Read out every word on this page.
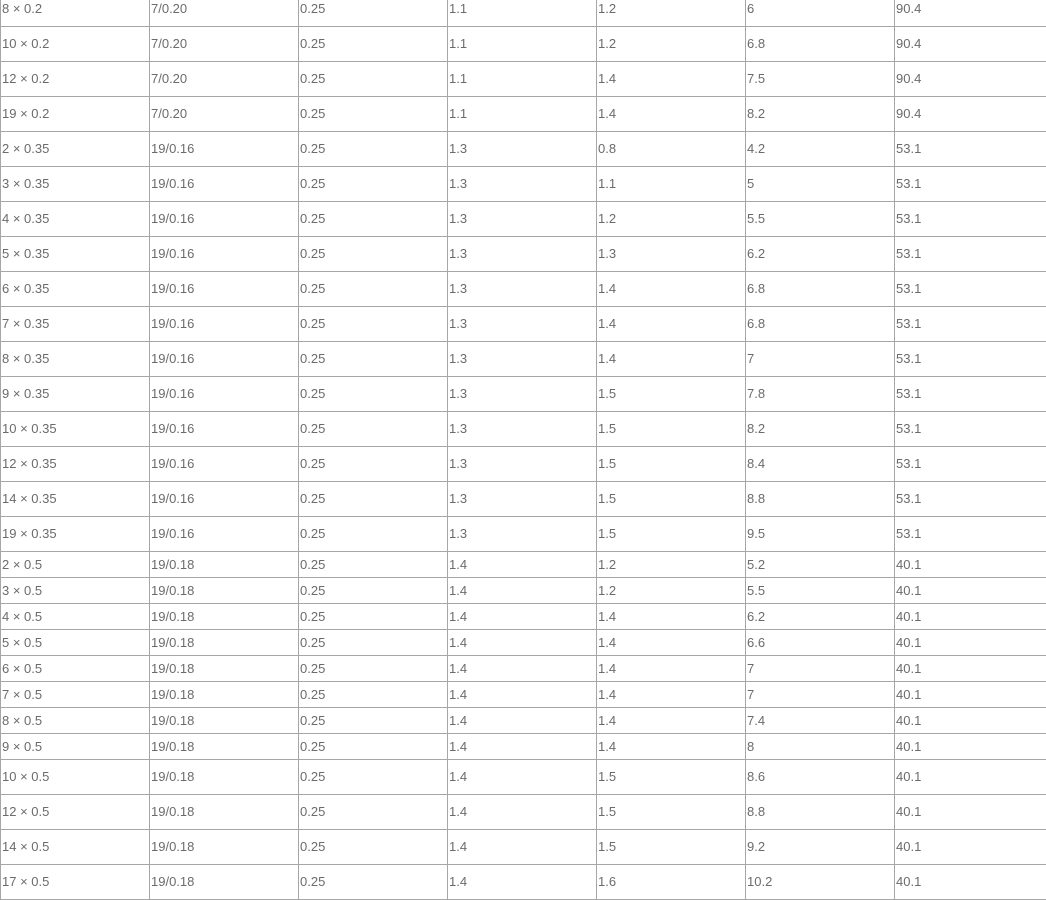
8 × 0.2	7/0.20	0.25	1.1	1.2	6	90.4
10 × 0.2	7/0.20	0.25	1.1	1.2	6.8	90.4
12 × 0.2	7/0.20	0.25	1.1	1.4	7.5	90.4
19 × 0.2	7/0.20	0.25	1.1	1.4	8.2	90.4
2 × 0.35	19/0.16	0.25	1.3	0.8	4.2	53.1
3 × 0.35	19/0.16	0.25	1.3	1.1	5	53.1
4 × 0.35	19/0.16	0.25	1.3	1.2	5.5	53.1
5 × 0.35	19/0.16	0.25	1.3	1.3	6.2	53.1
6 × 0.35	19/0.16	0.25	1.3	1.4	6.8	53.1
7 × 0.35	19/0.16	0.25	1.3	1.4	6.8	53.1
8 × 0.35	19/0.16	0.25	1.3	1.4	7	53.1
9 × 0.35	19/0.16	0.25	1.3	1.5	7.8	53.1
10 × 0.35	19/0.16	0.25	1.3	1.5	8.2	53.1
12 × 0.35	19/0.16	0.25	1.3	1.5	8.4	53.1
14 × 0.35	19/0.16	0.25	1.3	1.5	8.8	53.1
19 × 0.35	19/0.16	0.25	1.3	1.5	9.5	53.1
2 × 0.5	19/0.18	0.25	1.4	1.2	5.2	40.1
3 × 0.5	19/0.18	0.25	1.4	1.2	5.5	40.1
4 × 0.5	19/0.18	0.25	1.4	1.4	6.2	40.1
5 × 0.5	19/0.18	0.25	1.4	1.4	6.6	40.1
6 × 0.5	19/0.18	0.25	1.4	1.4	7	40.1
7 × 0.5	19/0.18	0.25	1.4	1.4	7	40.1
8 × 0.5	19/0.18	0.25	1.4	1.4	7.4	40.1
9 × 0.5	19/0.18	0.25	1.4	1.4	8	40.1
10 × 0.5	19/0.18	0.25	1.4	1.5	8.6	40.1
12 × 0.5	19/0.18	0.25	1.4	1.5	8.8	40.1
14 × 0.5	19/0.18	0.25	1.4	1.5	9.2	40.1
17 × 0.5	19/0.18	0.25	1.4	1.6	10.2	40.1
